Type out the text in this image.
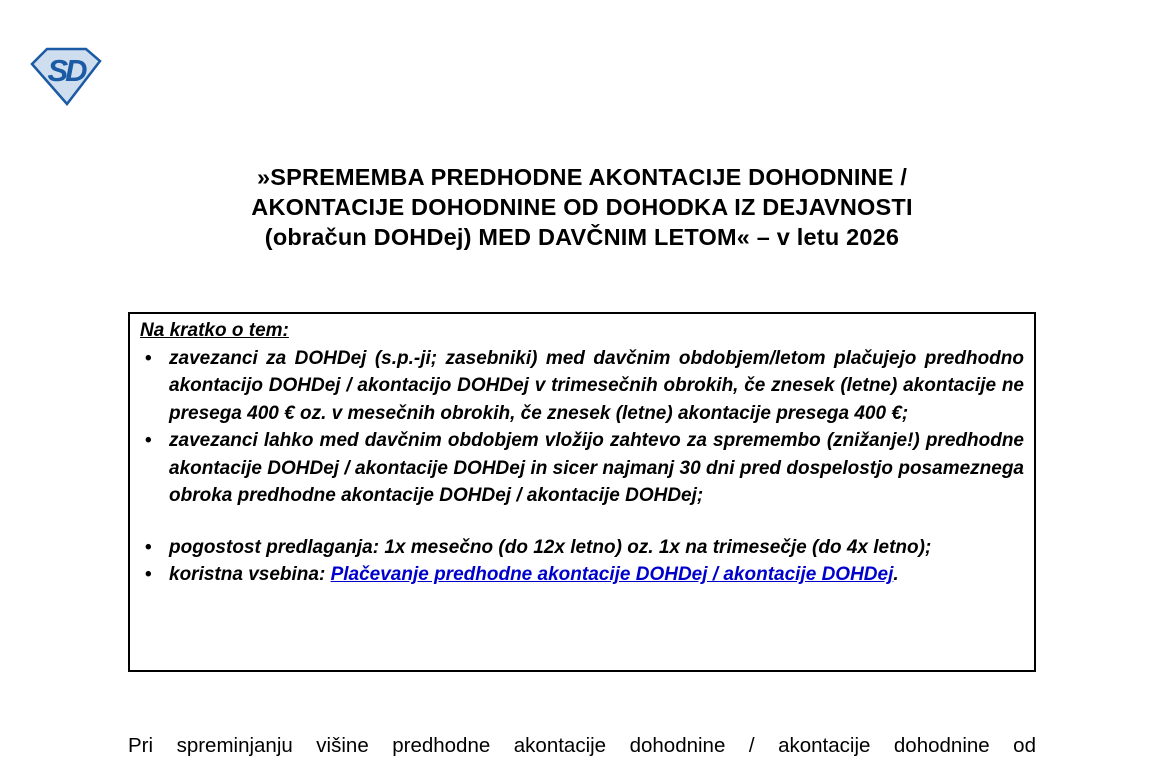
SD
»SPREMEMBA PREDHODNE AKONTACIJE DOHODNINE /
AKONTACIJE DOHODNINE OD DOHODKA IZ DEJAVNOSTI
(obračun DOHDej) MED DAVČNIM LETOM« – v letu 2026

Na kratko o tem:

• zavezanci za DOHDej (s.p.-ji; zasebniki) med davčnim obdobjem/letom plačujejo predhodno akontacijo DOHDej / akontacijo DOHDej v trimesečnih obrokih, če znesek (letne) akontacije ne presega 400 € oz. v mesečnih obrokih, če znesek (letne) akontacije presega 400 €;

• zavezanci lahko med davčnim obdobjem vložijo zahtevo za spremembo (znižanje!) predhodne akontacije DOHDej / akontacije DOHDej in sicer najmanj 30 dni pred dospelostjo posameznega obroka predhodne akontacije DOHDej / akontacije DOHDej;

• pogostost predlaganja: 1x mesečno (do 12x letno) oz. 1x na trimesečje (do 4x letno);

• koristna vsebina: Plačevanje predhodne akontacije DOHDej / akontacije DOHDej.

Pri spreminjanju višine predhodne akontacije dohodnine / akontacije dohodnine od
